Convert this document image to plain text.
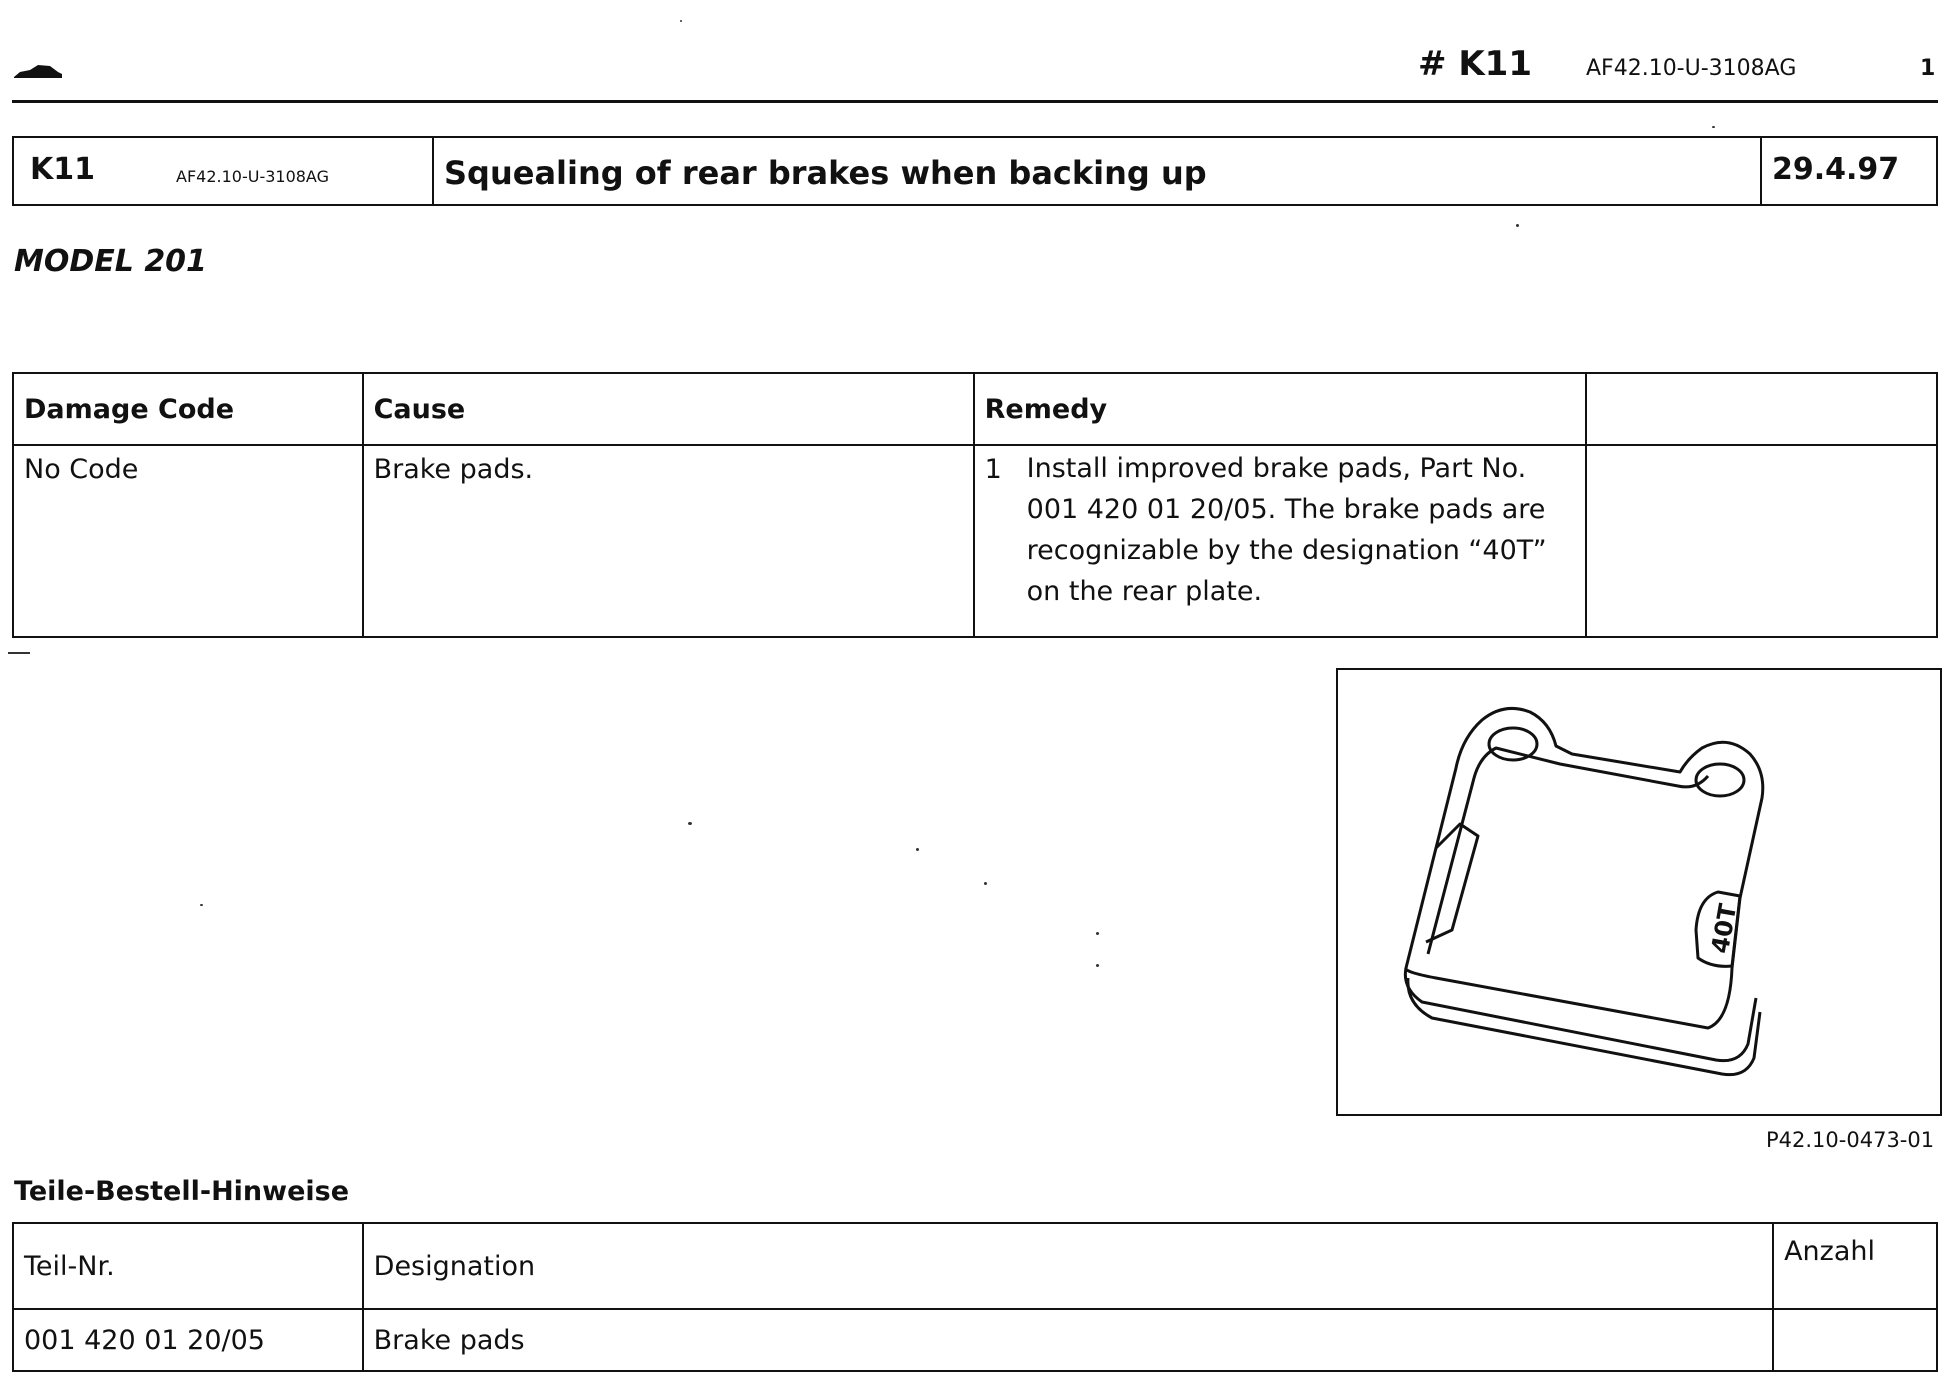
# K11 AF42.10-U-3108AG	1
K11	AF42.10-U-3108AG	Squealing of rear brakes when backing up	29.4.97
MODEL 201
Damage Code	Cause	Remedy	
No Code	Brake pads.	1 Install improved brake pads, Part No. 001 420 01 20/05. The brake pads are recognizable by the designation “40T” on the rear plate.	

40T
P42.10-0473-01
Teile-Bestell-Hinweise
Teil-Nr.	Designation	Anzahl
001 420 01 20/05	Brake pads	
